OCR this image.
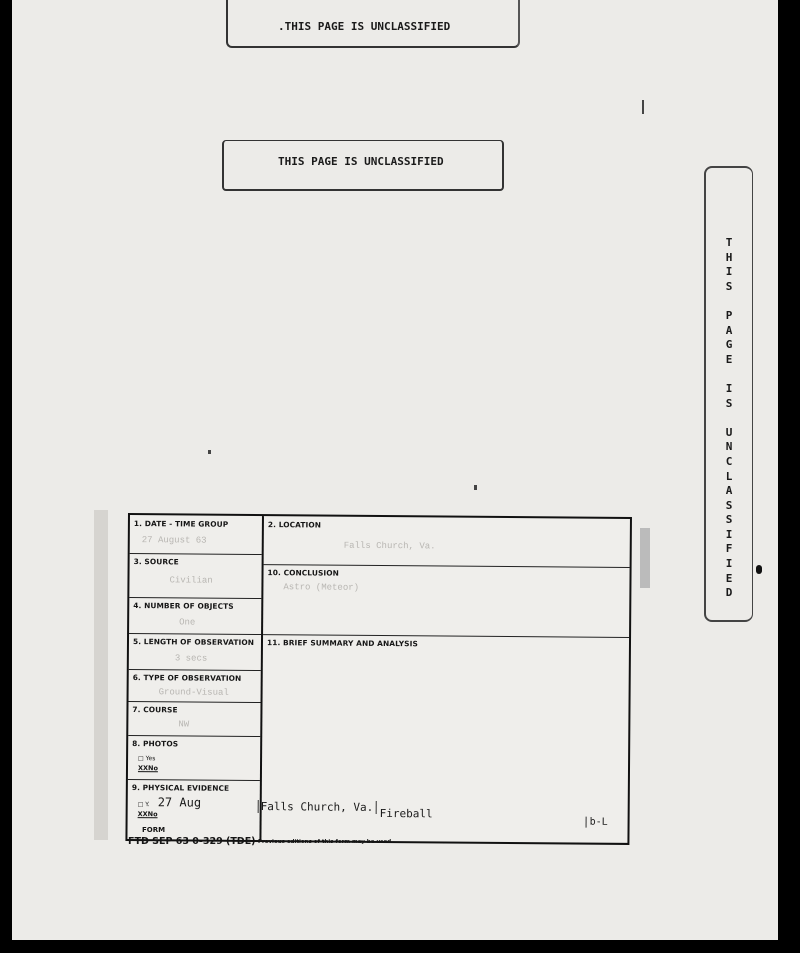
.THIS PAGE IS UNCLASSIFIED
THIS PAGE IS UNCLASSIFIED
T
H
I
S

P
A
G
E

I
S

U
N
C
L
A
S
S
I
F
I
E
D
1. DATE - TIME GROUP
27 August 63
3. SOURCE
Civilian
4. NUMBER OF OBJECTS
One
5. LENGTH OF OBSERVATION
3 secs
6. TYPE OF OBSERVATION
Ground-Visual
7. COURSE
NW
8. PHOTOS
□ Yes
XXNo
9. PHYSICAL EVIDENCE
□ Y.
XXNo
2. LOCATION
Falls Church, Va.
10. CONCLUSION
Astro (Meteor)
11. BRIEF SUMMARY AND ANALYSIS
27 Aug	Falls Church, Va. Fireball
b-L
FORM
FTD SEP 63 0-329 (TDE) Previous editions of this form may be used.
